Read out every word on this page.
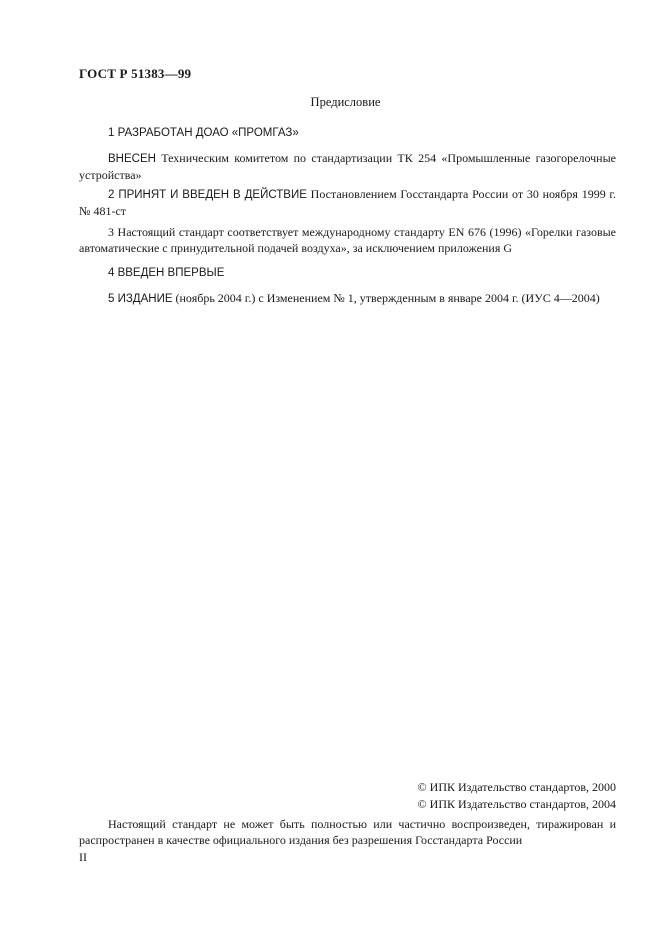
ГОСТ Р 51383—99
Предисловие
1 РАЗРАБОТАН ДОАО «ПРОМГАЗ»
ВНЕСЕН Техническим комитетом по стандартизации ТК 254 «Промышленные газогорелочные устройства»
2 ПРИНЯТ И ВВЕДЕН В ДЕЙСТВИЕ Постановлением Госстандарта России от 30 ноября 1999 г. № 481-ст
3 Настоящий стандарт соответствует международному стандарту EN 676 (1996) «Горелки газовые автоматические с принудительной подачей воздуха», за исключением приложения G
4 ВВЕДЕН ВПЕРВЫЕ
5 ИЗДАНИЕ (ноябрь 2004 г.) с Изменением № 1, утвержденным в январе 2004 г. (ИУС 4—2004)
© ИПК Издательство стандартов, 2000
© ИПК Издательство стандартов, 2004
Настоящий стандарт не может быть полностью или частично воспроизведен, тиражирован и распространен в качестве официального издания без разрешения Госстандарта России
II
